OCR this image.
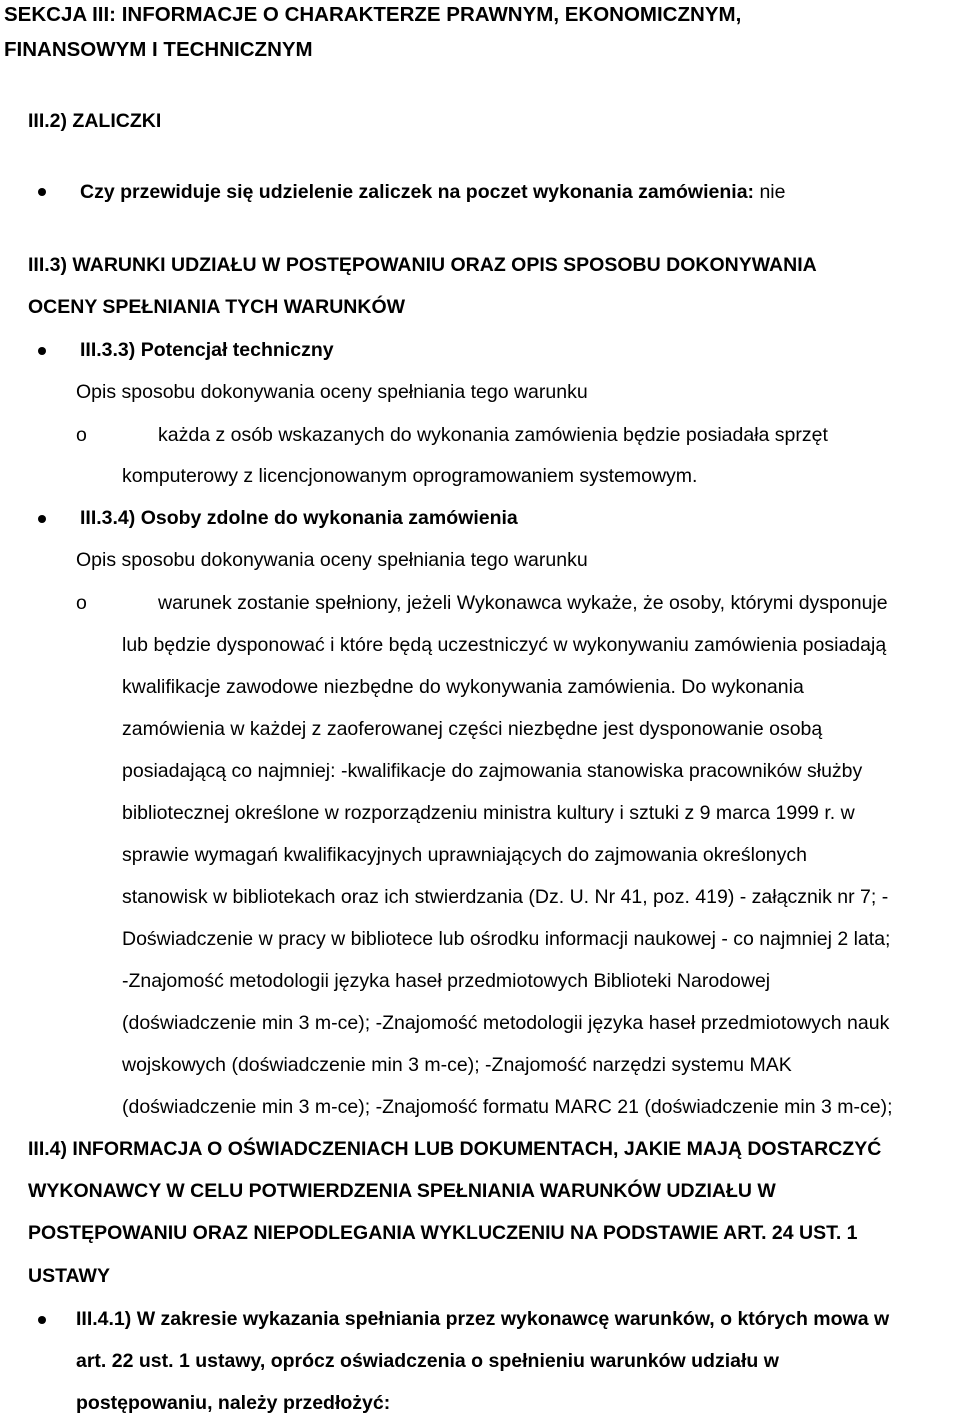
SEKCJA III: INFORMACJE O CHARAKTERZE PRAWNYM, EKONOMICZNYM,
FINANSOWYM I TECHNICZNYM
III.2) ZALICZKI
Czy przewiduje się udzielenie zaliczek na poczet wykonania zamówienia: nie
III.3) WARUNKI UDZIAŁU W POSTĘPOWANIU ORAZ OPIS SPOSOBU DOKONYWANIA
OCENY SPEŁNIANIA TYCH WARUNKÓW
III.3.3) Potencjał techniczny
Opis sposobu dokonywania oceny spełniania tego warunku
o	każda z osób wskazanych do wykonania zamówienia będzie posiadała sprzęt
komputerowy z licencjonowanym oprogramowaniem systemowym.
III.3.4) Osoby zdolne do wykonania zamówienia
Opis sposobu dokonywania oceny spełniania tego warunku
o	warunek zostanie spełniony, jeżeli Wykonawca wykaże, że osoby, którymi dysponuje
lub będzie dysponować i które będą uczestniczyć w wykonywaniu zamówienia posiadają
kwalifikacje zawodowe niezbędne do wykonywania zamówienia. Do wykonania
zamówienia w każdej z zaoferowanej części niezbędne jest dysponowanie osobą
posiadającą co najmniej: -kwalifikacje do zajmowania stanowiska pracowników służby
bibliotecznej określone w rozporządzeniu ministra kultury i sztuki z 9 marca 1999 r. w
sprawie wymagań kwalifikacyjnych uprawniających do zajmowania określonych
stanowisk w bibliotekach oraz ich stwierdzania (Dz. U. Nr 41, poz. 419) - załącznik nr 7; -
Doświadczenie w pracy w bibliotece lub ośrodku informacji naukowej - co najmniej 2 lata;
-Znajomość metodologii języka haseł przedmiotowych Biblioteki Narodowej
(doświadczenie min 3 m-ce); -Znajomość metodologii języka haseł przedmiotowych nauk
wojskowych (doświadczenie min 3 m-ce); -Znajomość narzędzi systemu MAK
(doświadczenie min 3 m-ce); -Znajomość formatu MARC 21 (doświadczenie min 3 m-ce);
III.4) INFORMACJA O OŚWIADCZENIACH LUB DOKUMENTACH, JAKIE MAJĄ DOSTARCZYĆ
WYKONAWCY W CELU POTWIERDZENIA SPEŁNIANIA WARUNKÓW UDZIAŁU W
POSTĘPOWANIU ORAZ NIEPODLEGANIA WYKLUCZENIU NA PODSTAWIE ART. 24 UST. 1
USTAWY
III.4.1) W zakresie wykazania spełniania przez wykonawcę warunków, o których mowa w
art. 22 ust. 1 ustawy, oprócz oświadczenia o spełnieniu warunków udziału w
postępowaniu, należy przedłożyć:
